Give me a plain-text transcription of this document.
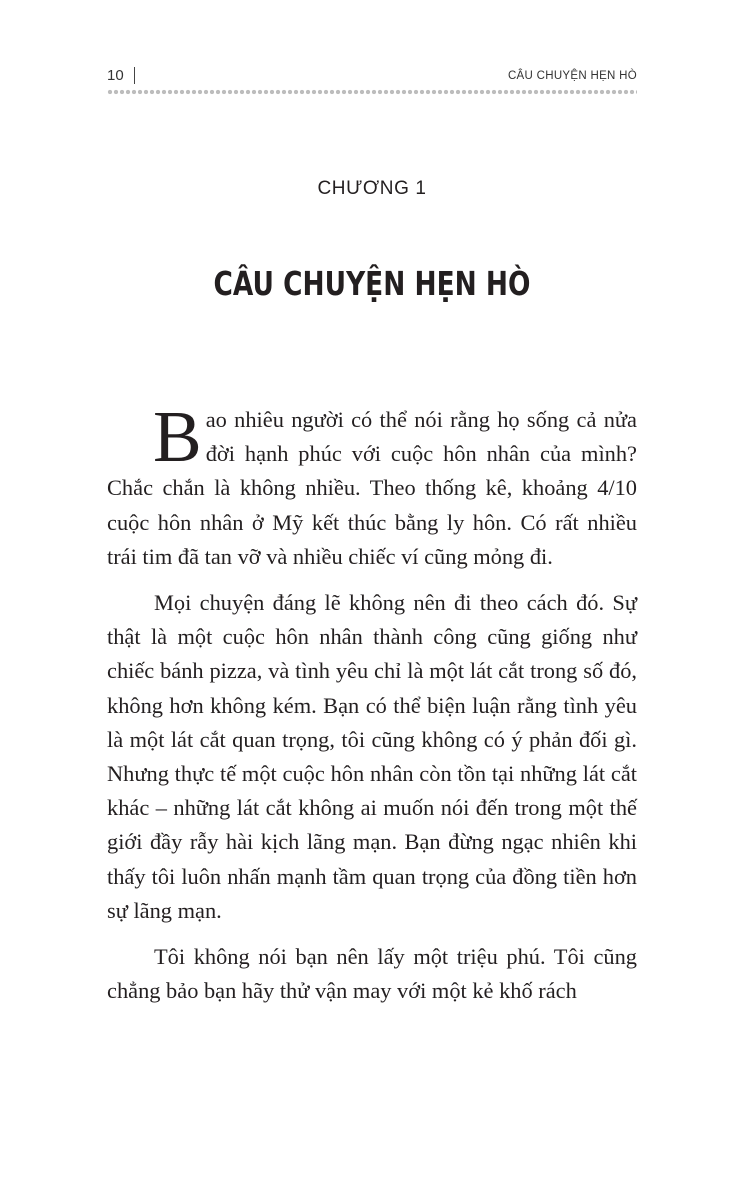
10	CÂU CHUYỆN HẸN HÒ
CHƯƠNG 1
CÂU CHUYỆN HẸN HÒ

Bao nhiêu người có thể nói rằng họ sống cả nửa đời hạnh phúc với cuộc hôn nhân của mình? Chắc chắn là không nhiều. Theo thống kê, khoảng 4/10 cuộc hôn nhân ở Mỹ kết thúc bằng ly hôn. Có rất nhiều trái tim đã tan vỡ và nhiều chiếc ví cũng mỏng đi.

Mọi chuyện đáng lẽ không nên đi theo cách đó. Sự thật là một cuộc hôn nhân thành công cũng giống như chiếc bánh pizza, và tình yêu chỉ là một lát cắt trong số đó, không hơn không kém. Bạn có thể biện luận rằng tình yêu là một lát cắt quan trọng, tôi cũng không có ý phản đối gì. Nhưng thực tế một cuộc hôn nhân còn tồn tại những lát cắt khác – những lát cắt không ai muốn nói đến trong một thế giới đầy rẫy hài kịch lãng mạn. Bạn đừng ngạc nhiên khi thấy tôi luôn nhấn mạnh tầm quan trọng của đồng tiền hơn sự lãng mạn.

Tôi không nói bạn nên lấy một triệu phú. Tôi cũng chẳng bảo bạn hãy thử vận may với một kẻ khố rách
